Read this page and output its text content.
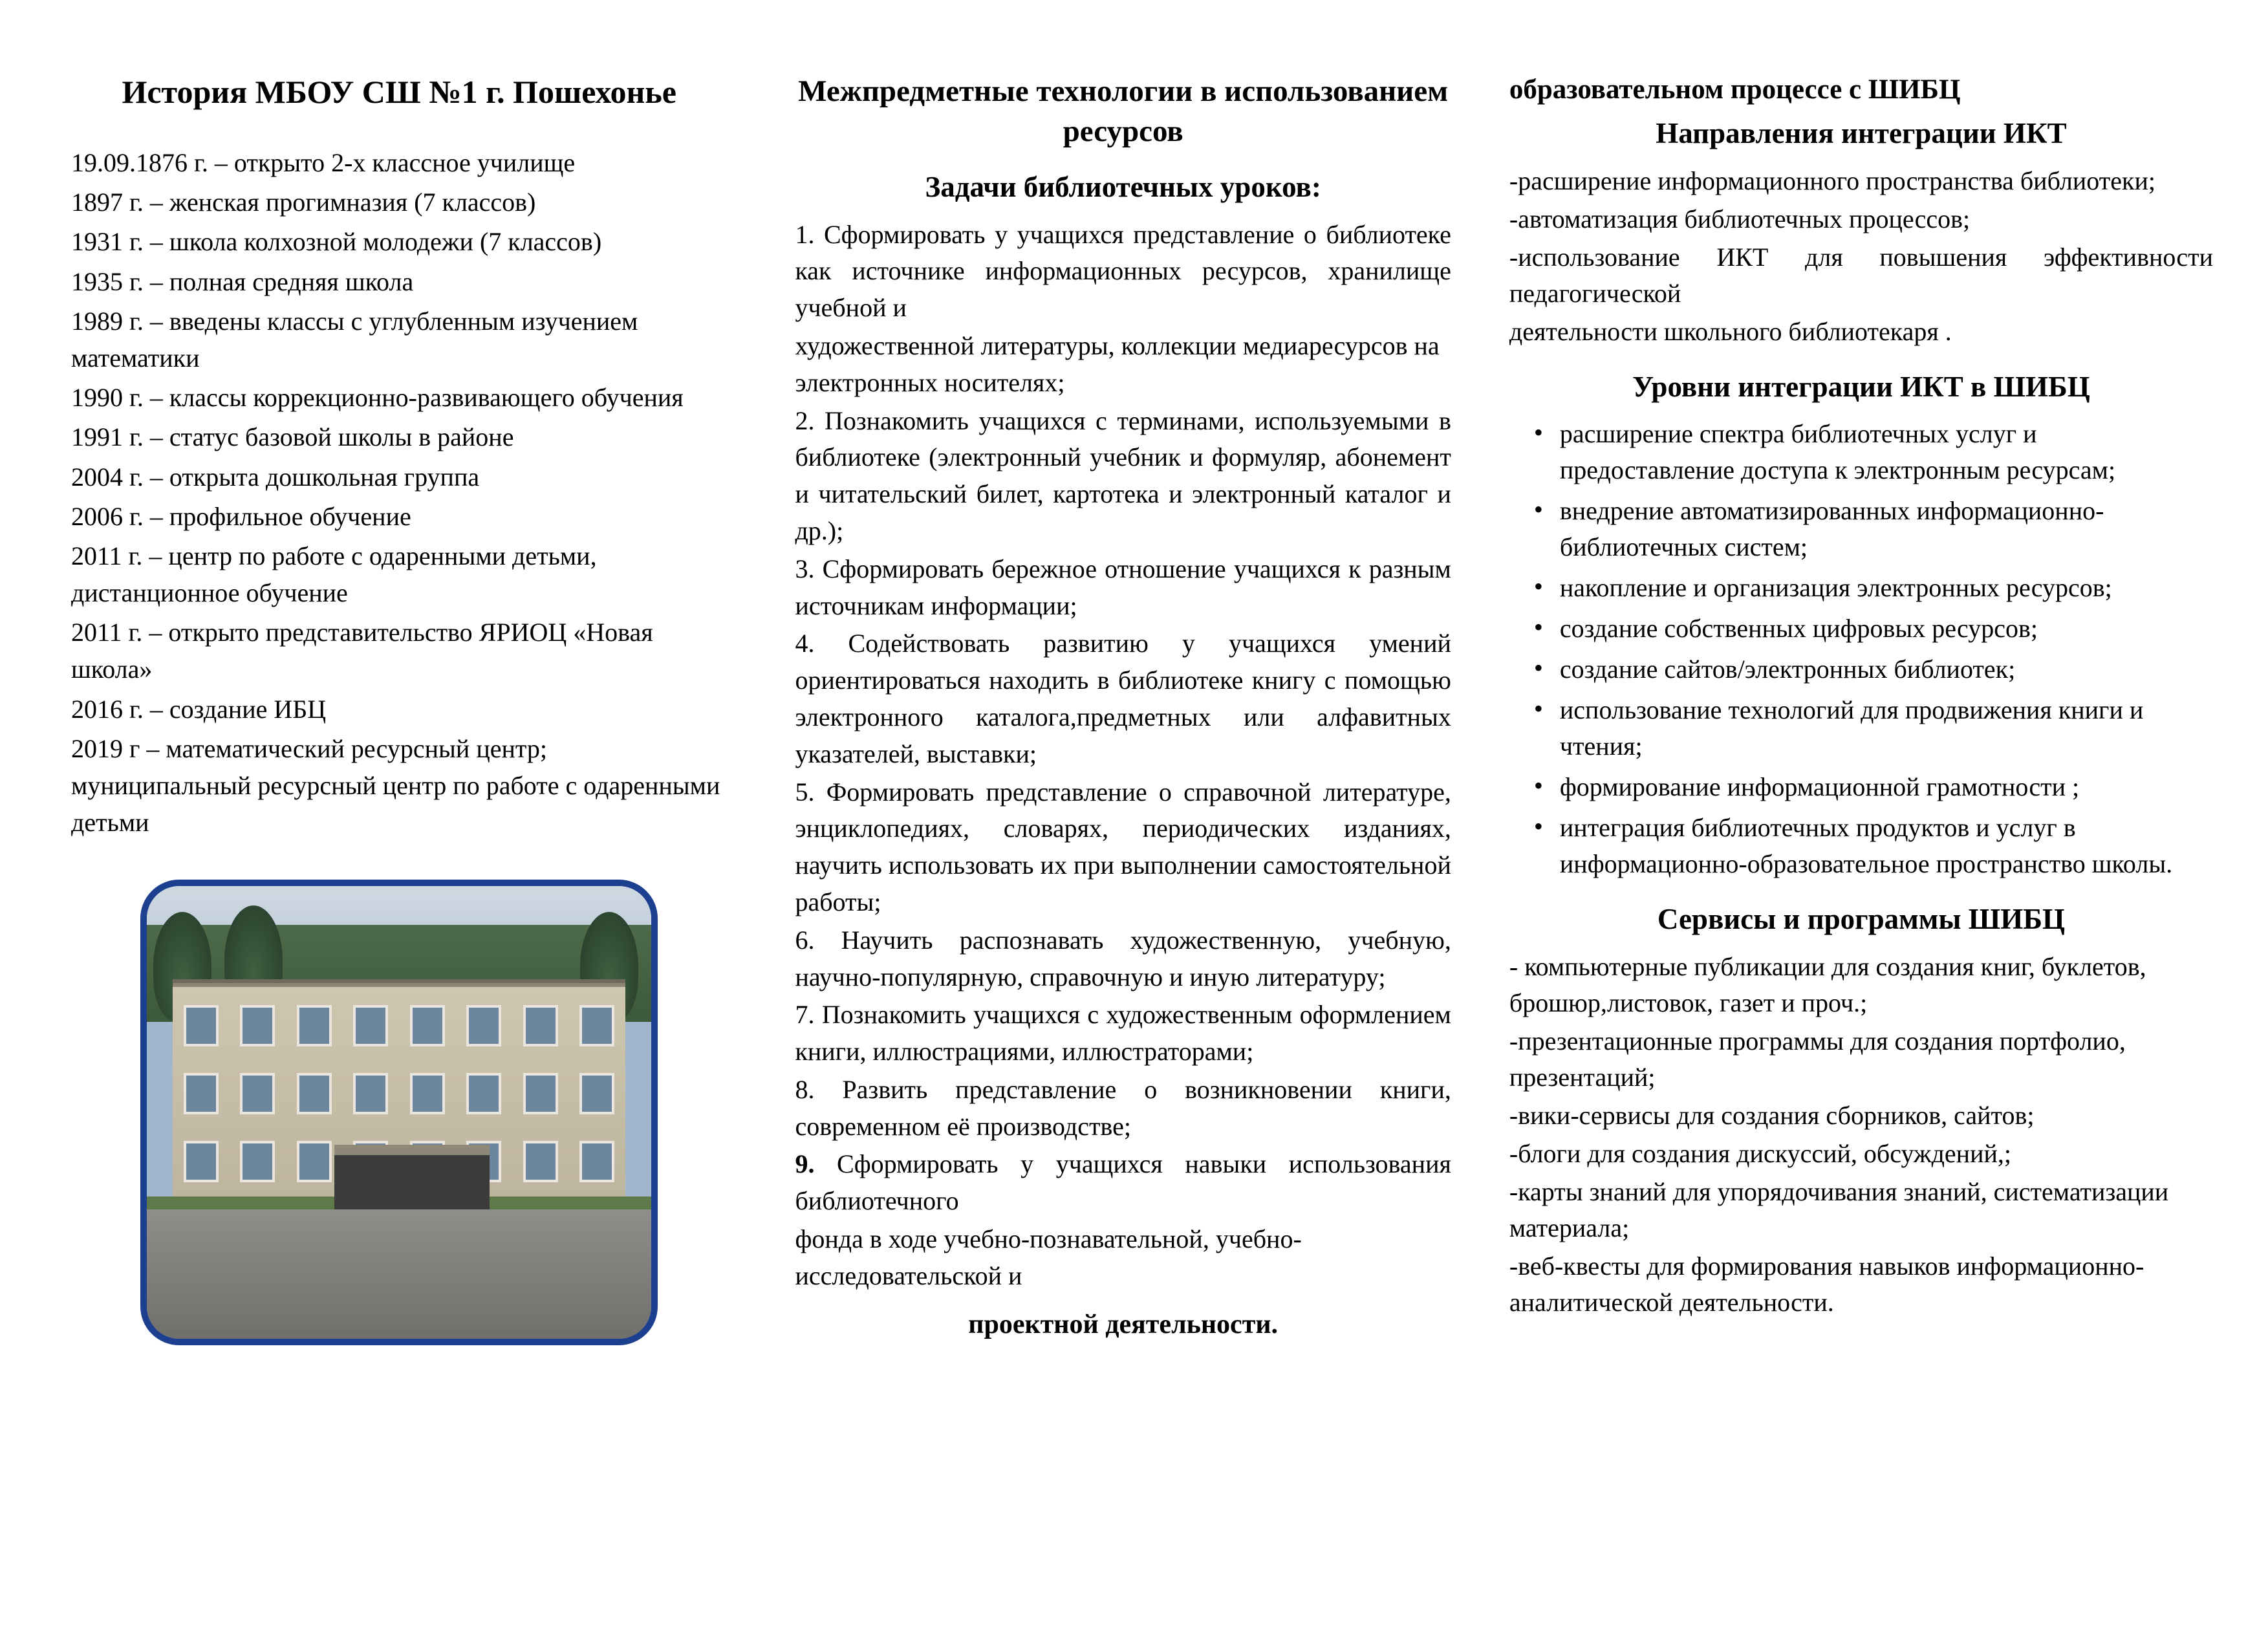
История МБОУ СШ №1 г. Пошехонье

19.09.1876 г. – открыто 2-х классное училище

1897 г. – женская прогимназия (7 классов)

1931 г. – школа колхозной молодежи (7 классов)

1935 г. – полная средняя школа

1989 г. – введены классы с углубленным изучением математики

1990 г. – классы коррекционно-развивающего обучения

1991 г. – статус базовой школы в районе

2004 г. – открыта дошкольная группа

2006 г. – профильное обучение

2011 г. – центр по работе с одаренными детьми, дистанционное обучение

2011 г. – открыто представительство ЯРИОЦ «Новая школа»

2016 г. – создание ИБЦ

2019 г – математический ресурсный центр; муниципальный ресурсный центр по работе с одаренными детьми

Межпредметные технологии в использованием ресурсов
Задачи библиотечных уроков:

1. Сформировать у учащихся представление о библиотеке как источнике информационных ресурсов, хранилище учебной и

художественной литературы, коллекции медиаресурсов на электронных носителях;

2. Познакомить учащихся с терминами, используемыми в библиотеке (электронный учебник и формуляр, абонемент и читательский билет, картотека и электронный каталог и др.);

3. Сформировать бережное отношение учащихся к разным источникам информации;

4. Содействовать развитию у учащихся умений ориентироваться находить в библиотеке книгу с помощью электронного каталога,предметных или алфавитных указателей, выставки;

5. Формировать представление о справочной литературе, энциклопедиях, словарях, периодических изданиях, научить использовать их при выполнении самостоятельной работы;

6. Научить распознавать художественную, учебную, научно-популярную, справочную и иную литературу;

7. Познакомить учащихся с художественным оформлением книги, иллюстрациями, иллюстраторами;

8. Развить представление о возникновении книги, современном её производстве;

9. Сформировать у учащихся навыки использования библиотечного

фонда в ходе учебно-познавательной, учебно-исследовательской и

проектной деятельности.

образовательном процессе с ШИБЦ

Направления интеграции ИКТ

-расширение информационного пространства библиотеки;

-автоматизация библиотечных процессов;

-использование ИКТ для повышения эффективности педагогической

деятельности школьного библиотекаря .

Уровни интеграции ИКТ в ШИБЦ
• расширение спектра библиотечных услуг и предоставление доступа к электронным ресурсам;
• внедрение автоматизированных информационно-библиотечных систем;
• накопление и организация электронных ресурсов;
• создание собственных цифровых ресурсов;
• создание сайтов/электронных библиотек;
• использование технологий для продвижения книги и чтения;
• формирование информационной грамотности ;
• интеграция библиотечных продуктов и услуг в информационно-образовательное пространство школы.
Сервисы и программы ШИБЦ

- компьютерные публикации для создания книг, буклетов, брошюр,листовок, газет и проч.;

-презентационные программы для создания портфолио, презентаций;

-вики-сервисы для создания сборников, сайтов;

-блоги для создания дискуссий, обсуждений,;

-карты знаний для упорядочивания знаний, систематизации материала;

-веб-квесты для формирования навыков информационно-аналитической деятельности.
